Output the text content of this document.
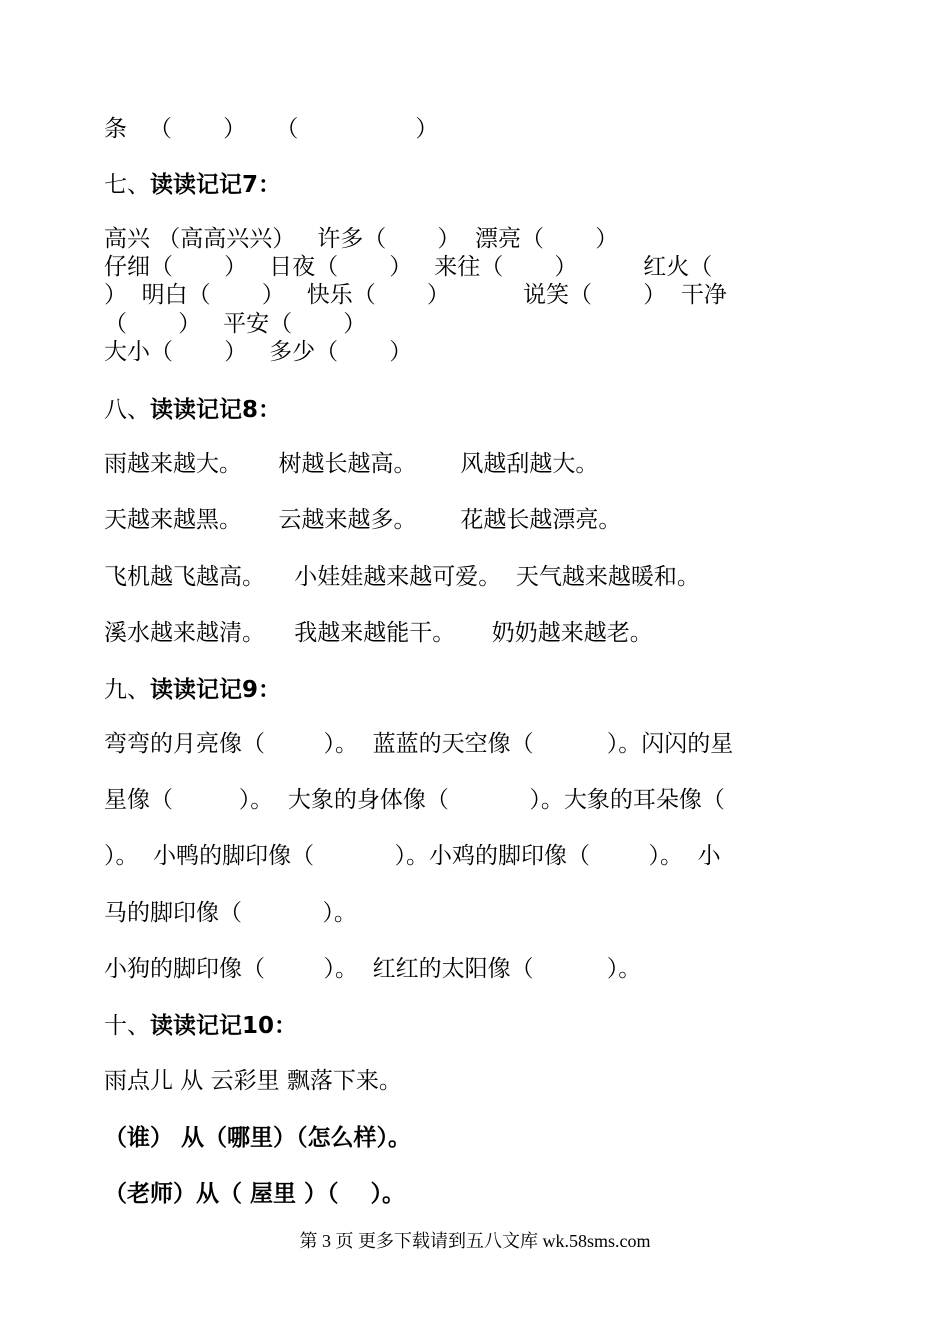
条   （       ）    （                ）
七、读读记记7：
高兴 （高高兴兴）   许多（       ）  漂亮（       ）
仔细（       ）   日夜（       ）   来往（       ）         红火（
）  明白（       ）   快乐（       ）          说笑（       ）  干净
（       ）   平安（       ）
大小（       ）   多少（       ）
八、读读记记8：
雨越来越大。     树越长越高。      风越刮越大。
天越来越黑。     云越来越多。      花越长越漂亮。
飞机越飞越高。    小娃娃越来越可爱。  天气越来越暖和。
溪水越来越清。    我越来越能干。     奶奶越来越老。
九、读读记记9：
弯弯的月亮像（        ）。  蓝蓝的天空像（          ）。闪闪的星
星像（         ）。  大象的身体像（           ）。大象的耳朵像（
）。  小鸭的脚印像（           ）。小鸡的脚印像（        ）。  小
马的脚印像（           ）。
小狗的脚印像（        ）。  红红的太阳像（          ）。
十、读读记记10：
雨点儿 从 云彩里 飘落下来。
（谁） 从（哪里）（怎么样）。
（老师）从（ 屋里 ）（    ）。
第 3 页 更多下载请到五八文库 wk.58sms.com
